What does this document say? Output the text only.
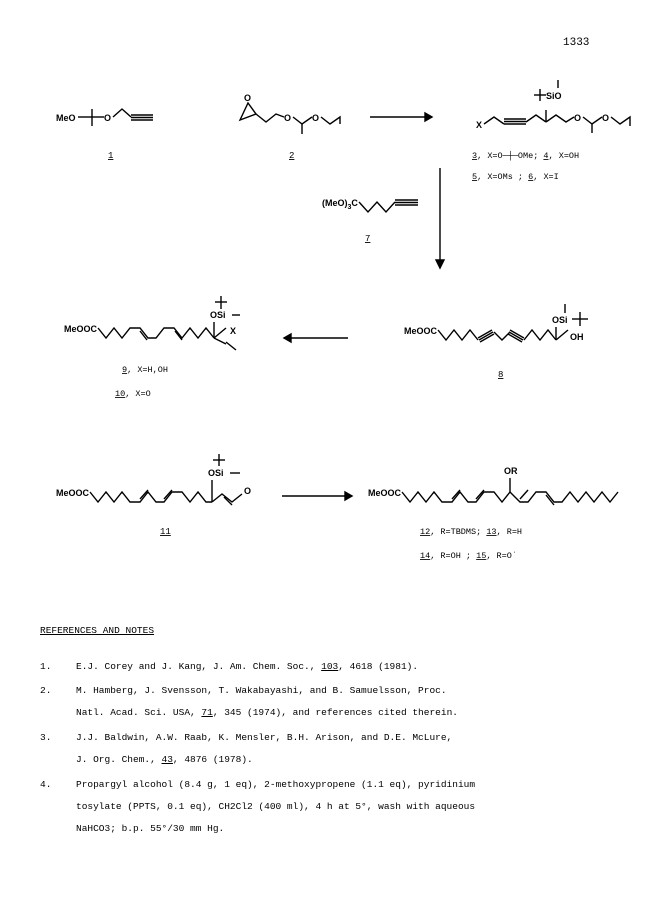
1333
MeO	O
1
O
O O
2
X
SiO
O O
3, X=O─┼─OMe; 4, X=OH
5, X=OMs ; 6, X=I
$(MeO)_3C$
7
MeOOC
OSi
OH
8
MeOOC
OSi
X
9, X=H,OH
10, X=O
MeOOC
OSi
O
11
MeOOC
OR
12, R=TBDMS; 13, R=H
14, R=OH ; 15, R=O˙
REFERENCES AND NOTES
1.	E.J. Corey and J. Kang, J. Am. Chem. Soc., 103, 4618 (1981).
2.	M. Hamberg, J. Svensson, T. Wakabayashi, and B. Samuelsson, Proc.
Natl. Acad. Sci. USA, 71, 345 (1974), and references cited therein.
3.	J.J. Baldwin, A.W. Raab, K. Mensler, B.H. Arison, and D.E. McLure,
J. Org. Chem., 43, 4876 (1978).
4.	Propargyl alcohol (8.4 g, 1 eq), 2-methoxypropene (1.1 eq), pyridinium
tosylate (PPTS, 0.1 eq), CH2Cl2 (400 ml), 4 h at 5°, wash with aqueous
NaHCO3; b.p. 55°/30 mm Hg.
